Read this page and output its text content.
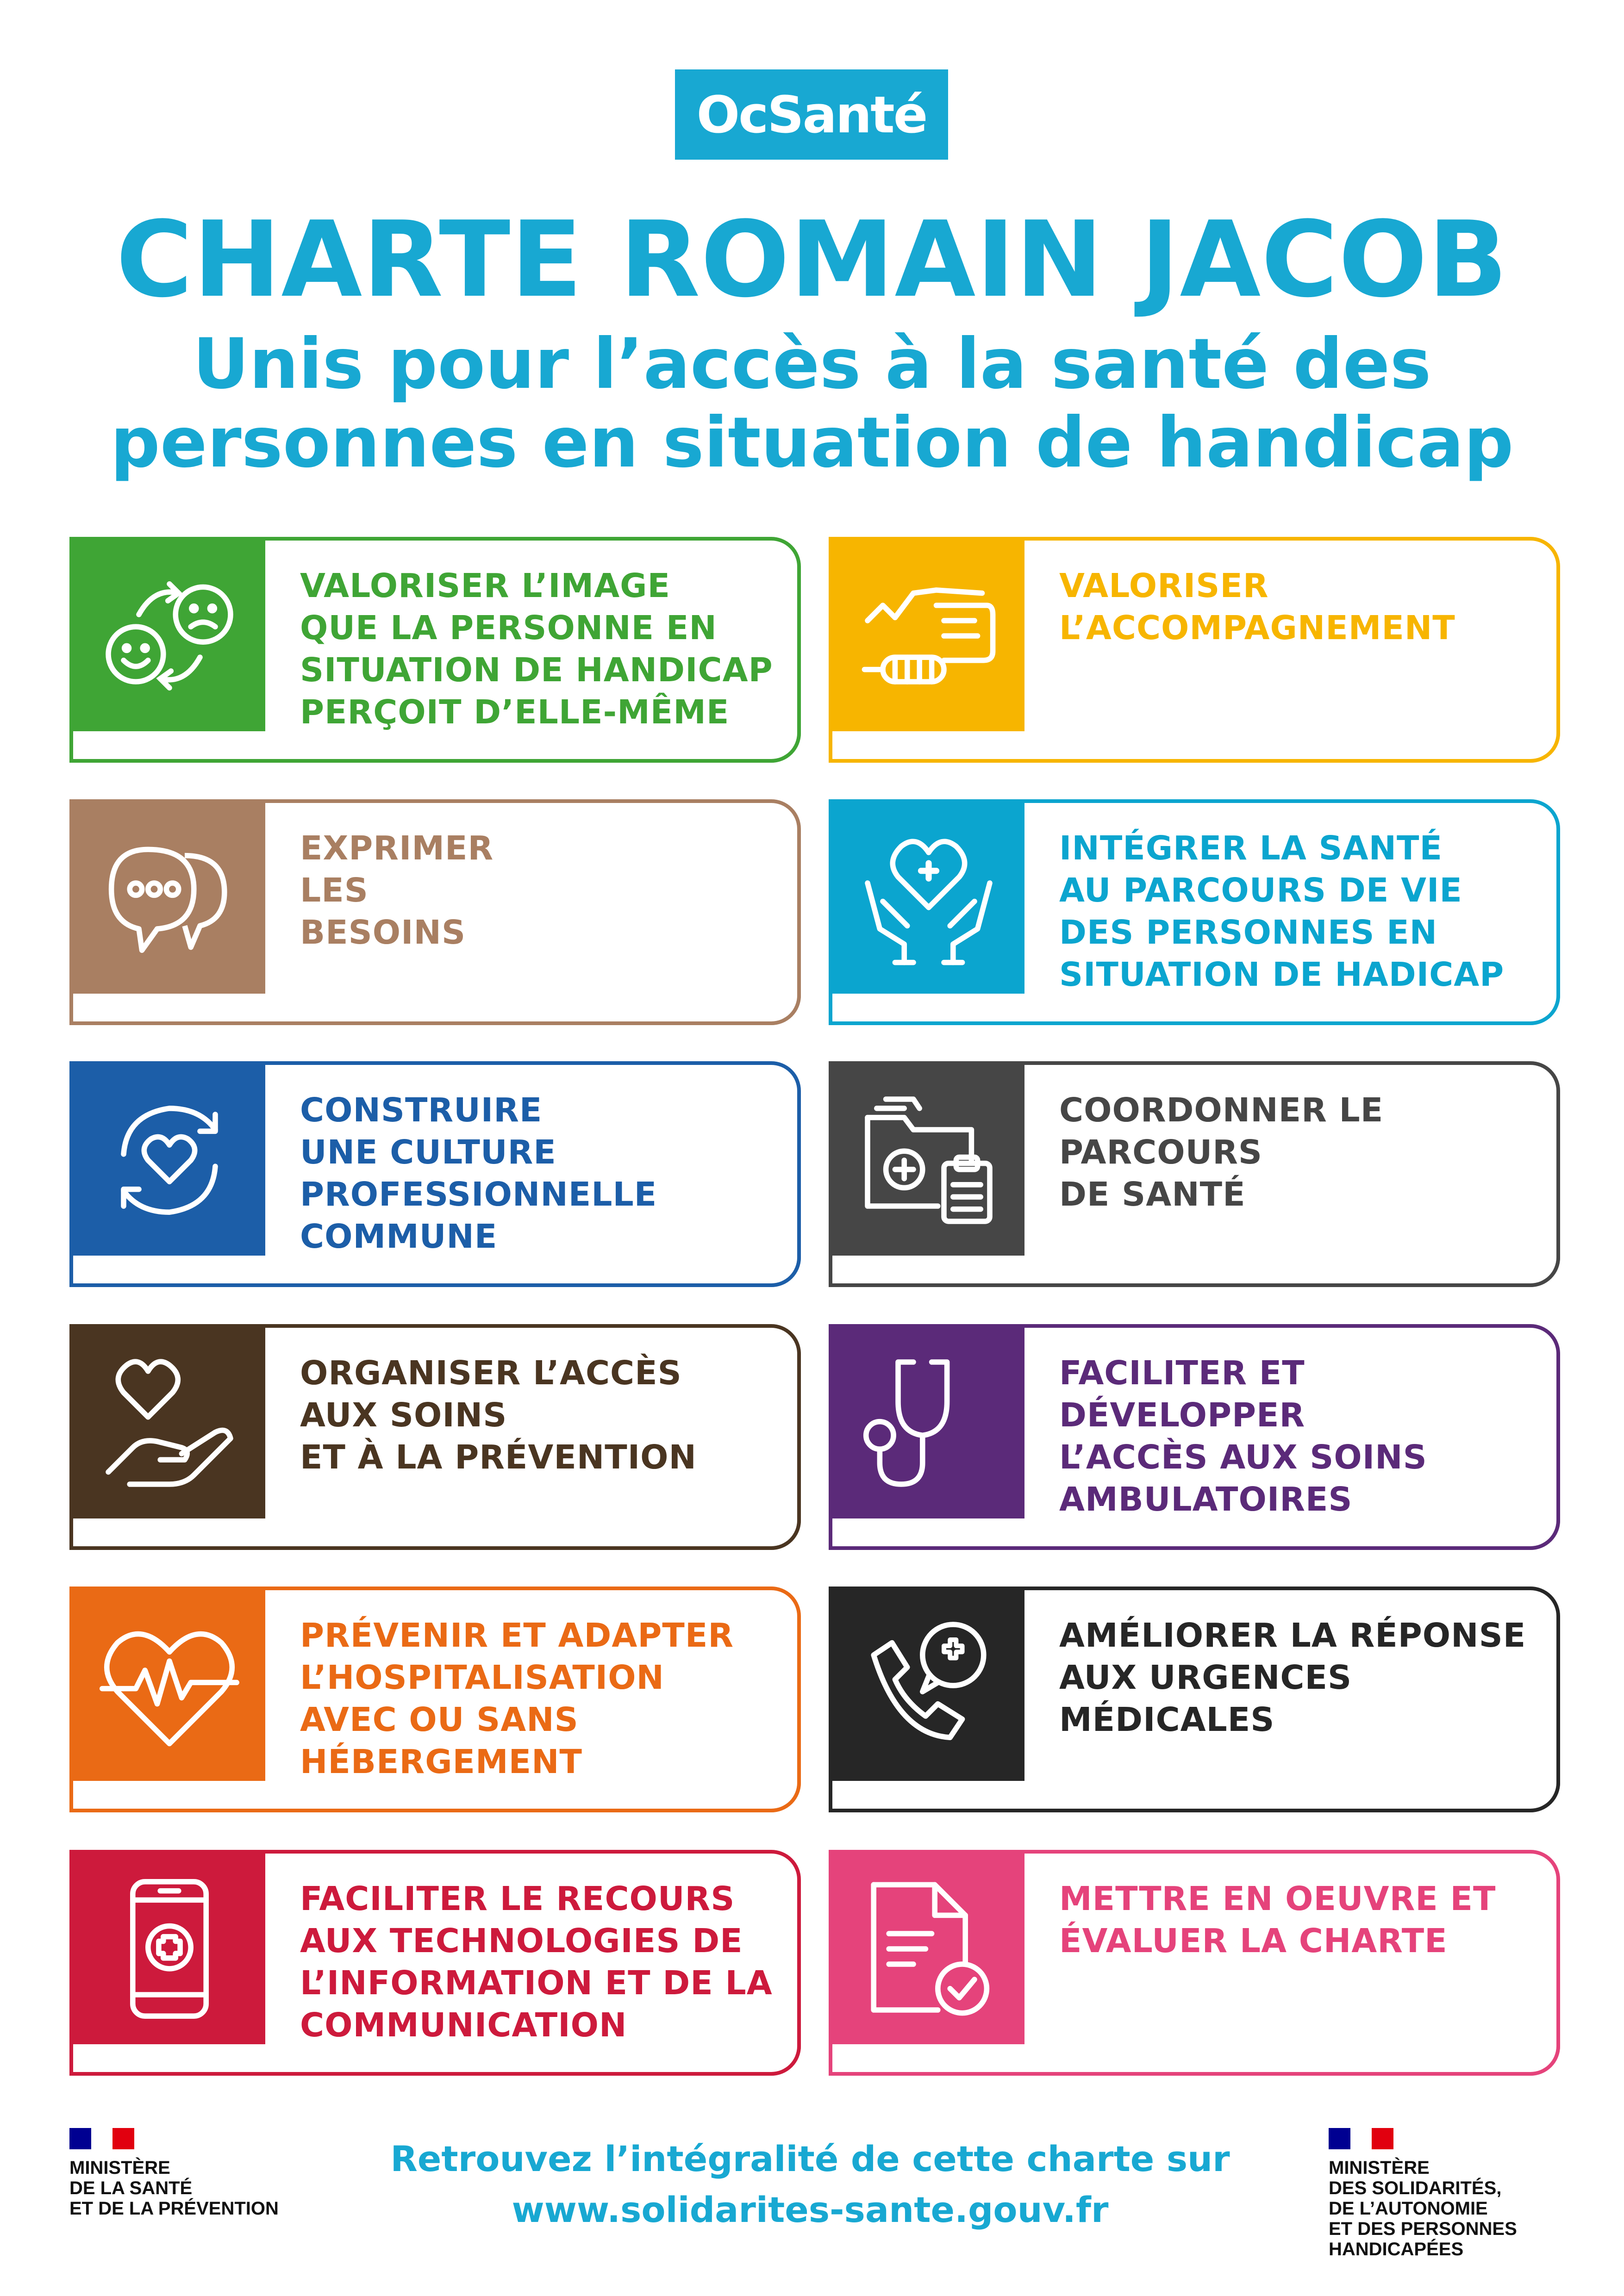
OcSanté
CHARTE ROMAIN JACOB
Unis pour l’accès à la santé des
personnes en situation de handicap
VALORISER L’IMAGE
QUE LA PERSONNE EN
SITUATION DE HANDICAP
PERÇOIT D’ELLE-MÊME
VALORISER
L’ACCOMPAGNEMENT
EXPRIMER
LES
BESOINS
INTÉGRER LA SANTÉ
AU PARCOURS DE VIE
DES PERSONNES EN
SITUATION DE HADICAP
CONSTRUIRE
UNE CULTURE
PROFESSIONNELLE
COMMUNE
COORDONNER LE
PARCOURS
DE SANTÉ
ORGANISER L’ACCÈS
AUX SOINS
ET À LA PRÉVENTION
FACILITER ET
DÉVELOPPER
L’ACCÈS AUX SOINS
AMBULATOIRES
PRÉVENIR ET ADAPTER
L’HOSPITALISATION
AVEC OU SANS
HÉBERGEMENT
AMÉLIORER LA RÉPONSE
AUX URGENCES
MÉDICALES
FACILITER LE RECOURS
AUX TECHNOLOGIES DE
L’INFORMATION ET DE LA
COMMUNICATION
METTRE EN OEUVRE ET
ÉVALUER LA CHARTE
MINISTÈRE
DE LA SANTÉ
ET DE LA PRÉVENTION
Retrouvez l’intégralité de cette charte sur
www.solidarites-sante.gouv.fr
MINISTÈRE
DES SOLIDARITÉS,
DE L’AUTONOMIE
ET DES PERSONNES
HANDICAPÉES
